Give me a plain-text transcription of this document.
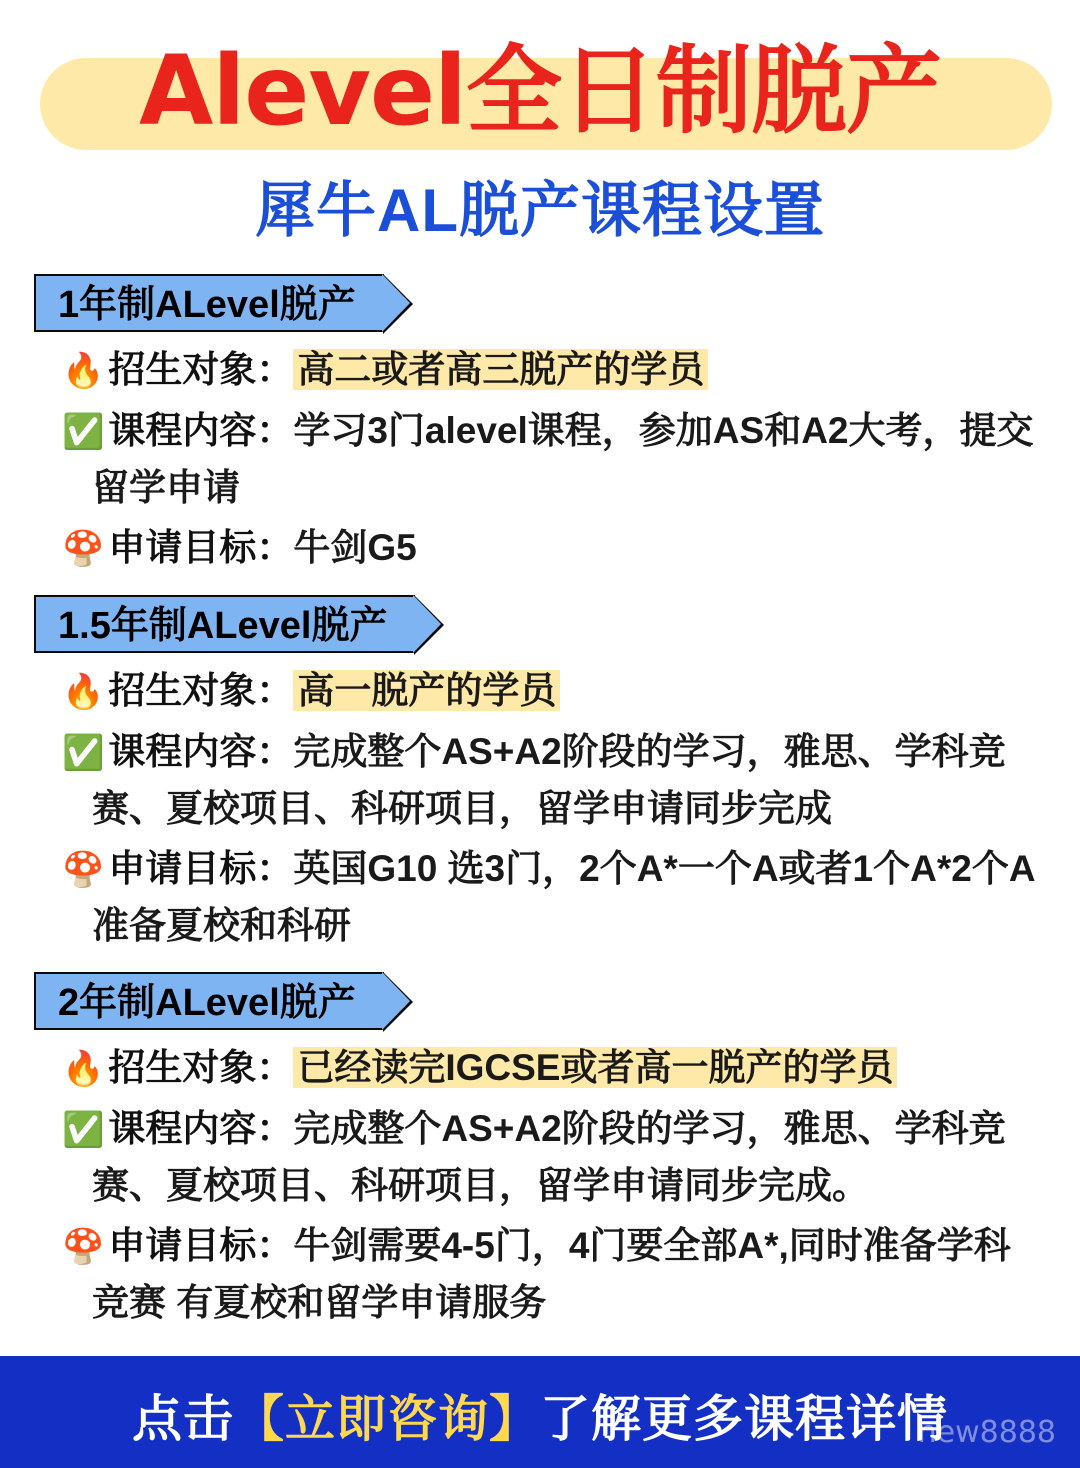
Alevel全日制脱产
犀牛AL脱产课程设置
1年制ALevel脱产
🔥 招生对象： 高二或者高三脱产的学员
✅ 课程内容：学习3门alevel课程，参加AS和A2大考，提交留学申请
🍄 申请目标：牛剑G5
1.5年制ALevel脱产
🔥 招生对象： 高一脱产的学员
✅ 课程内容：完成整个AS+A2阶段的学习，雅思、学科竞赛、夏校项目、科研项目，留学申请同步完成
🍄 申请目标：英国G10 选3门，2个A*一个A或者1个A*2个A 准备夏校和科研
2年制ALevel脱产
🔥 招生对象： 已经读完IGCSE或者高一脱产的学员
✅ 课程内容：完成整个AS+A2阶段的学习，雅思、学科竞赛、夏校项目、科研项目，留学申请同步完成。
🍄 申请目标：牛剑需要4-5门，4门要全部A*,同时准备学科竞赛 有夏校和留学申请服务
点击【立即咨询】了解更多课程详情
new8888
